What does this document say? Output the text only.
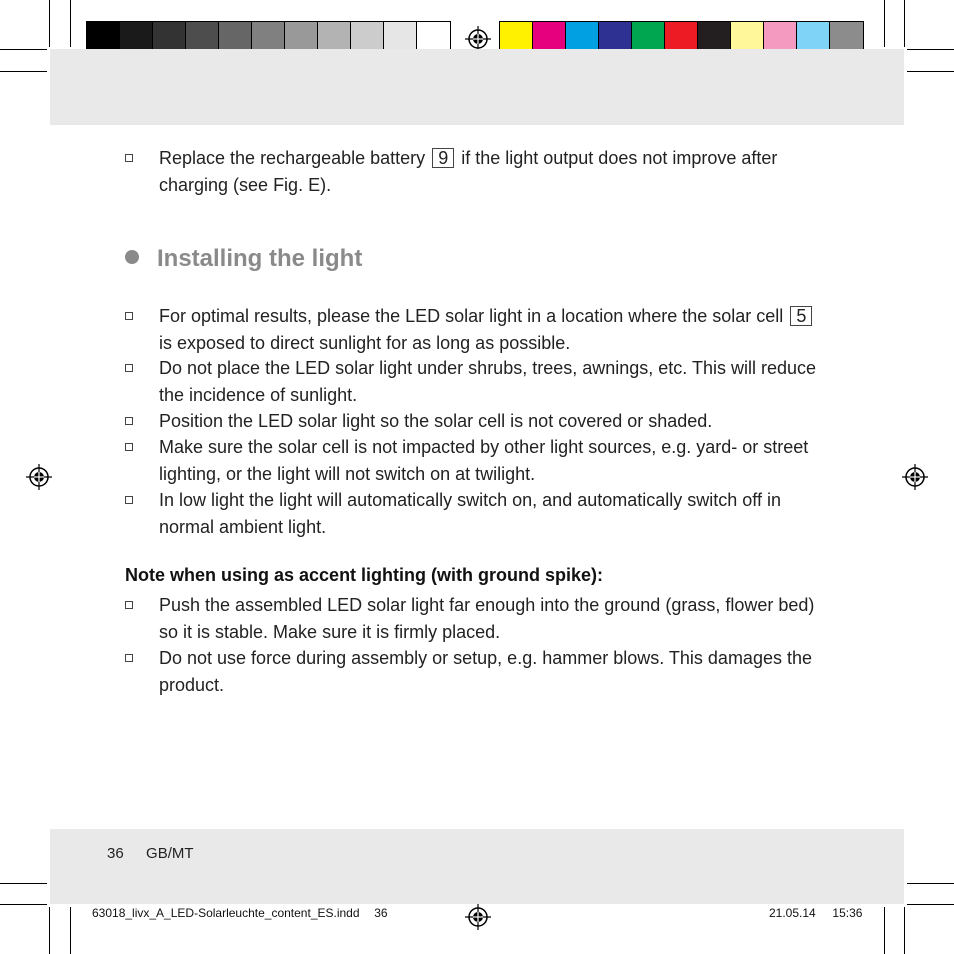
Replace the rechargeable battery 9 if the light output does not improve after charging (see Fig. E).
Installing the light
For optimal results, please the LED solar light in a location where the solar cell 5 is exposed to direct sunlight for as long as possible.
Do not place the LED solar light under shrubs, trees, awnings, etc. This will reduce the incidence of sunlight.
Position the LED solar light so the solar cell is not covered or shaded.
Make sure the solar cell is not impacted by other light sources, e.g. yard- or street lighting, or the light will not switch on at twilight.
In low light the light will automatically switch on, and automatically switch off in normal ambient light.
Note when using as accent lighting (with ground spike):
Push the assembled LED solar light far enough into the ground (grass, flower bed) so it is stable. Make sure it is firmly placed.
Do not use force during assembly or setup, e.g. hammer blows. This damages the product.
36 GB/MT
63018_livx_A_LED-Solarleuchte_content_ES.indd 36	21.05.14 15:36
